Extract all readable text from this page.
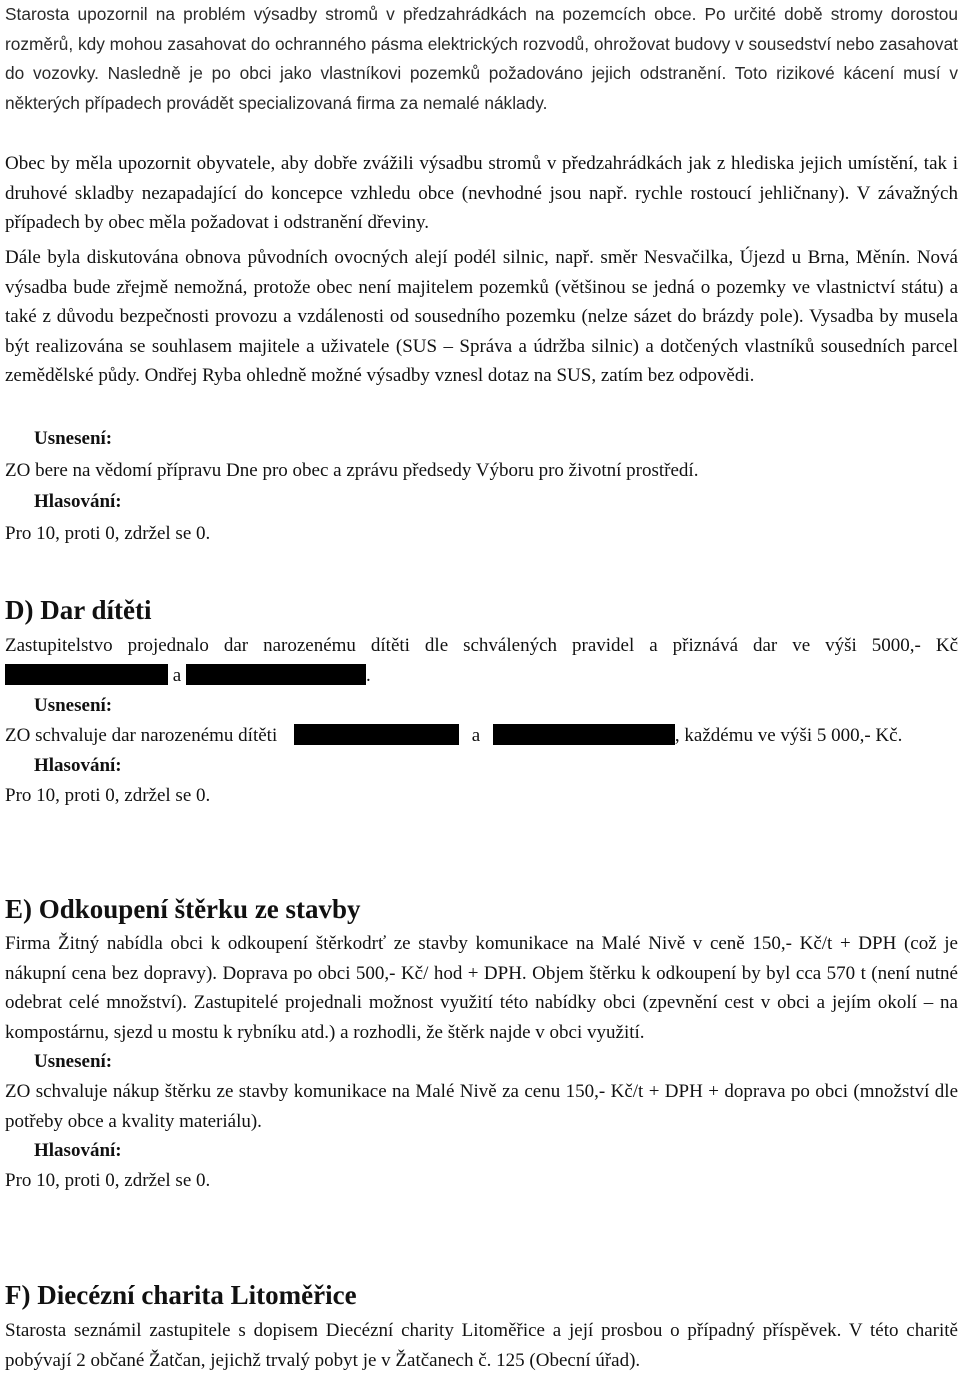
Starosta upozornil na problém výsadby stromů v předzahrádkách na pozemcích obce. Po určité době stromy dorostou rozměrů, kdy mohou zasahovat do ochranného pásma elektrických rozvodů, ohrožovat budovy v sousedství nebo zasahovat do vozovky. Nasledně je po obci jako vlastníkovi pozemků požadováno jejich odstranění. Toto rizikové kácení musí v některých případech provádět specializovaná firma za nemalé náklady.

Obec by měla upozornit obyvatele, aby dobře zvážili výsadbu stromů v předzahrádkách jak z hlediska jejich umístění, tak i druhové skladby nezapadající do koncepce vzhledu obce (nevhodné jsou např. rychle rostoucí jehličnany). V závažných případech by obec měla požadovat i odstranění dřeviny.

Dále byla diskutována obnova původních ovocných alejí podél silnic, např. směr Nesvačilka, Újezd u Brna, Měnín. Nová výsadba bude zřejmě nemožná, protože obec není majitelem pozemků (většinou se jedná o pozemky ve vlastnictví státu) a také z důvodu bezpečnosti provozu a vzdálenosti od sousedního pozemku (nelze sázet do brázdy pole). Vysadba by musela být realizována se souhlasem majitele a uživatele (SUS – Správa a údržba silnic) a dotčených vlastníků sousedních parcel zemědělské půdy. Ondřej Ryba ohledně možné výsadby vznesl dotaz na SUS, zatím bez odpovědi.

Usnesení:

ZO bere na vědomí přípravu Dne pro obec a zprávu předsedy Výboru pro životní prostředí.

Hlasování:
Pro 10, proti 0, zdržel se 0.
D) Dar dítěti

Zastupitelstvo projednalo dar narozenému dítěti dle schválených pravidel a přiznává dar ve výši 5000,- Kč  a	.

Usnesení:

ZO schvaluje dar narozenému dítěti	a	, každému ve výši 5 000,- Kč.

Hlasování:
Pro 10, proti 0, zdržel se 0.
E) Odkoupení štěrku ze stavby

Firma Žitný nabídla obci k odkoupení štěrkodrť ze stavby komunikace na Malé Nivě v ceně 150,- Kč/t + DPH (což je nákupní cena bez dopravy). Doprava po obci 500,- Kč/ hod + DPH. Objem štěrku k odkoupení by byl cca 570 t (není nutné odebrat celé množství). Zastupitelé projednali možnost využití této nabídky obci (zpevnění cest v obci a jejím okolí – na kompostárnu, sjezd u mostu k rybníku atd.) a rozhodli, že štěrk najde v obci využití.

Usnesení:

ZO schvaluje nákup štěrku ze stavby komunikace na Malé Nivě za cenu 150,- Kč/t + DPH + doprava po obci (množství dle potřeby obce a kvality materiálu).

Hlasování:
Pro 10, proti 0, zdržel se 0.
F) Diecézní charita Litoměřice

Starosta seznámil zastupitele s dopisem Diecézní charity Litoměřice a její prosbou o případný příspěvek. V této charitě pobývají 2 občané Žatčan, jejichž trvalý pobyt je v Žatčanech č. 125 (Obecní úřad).
